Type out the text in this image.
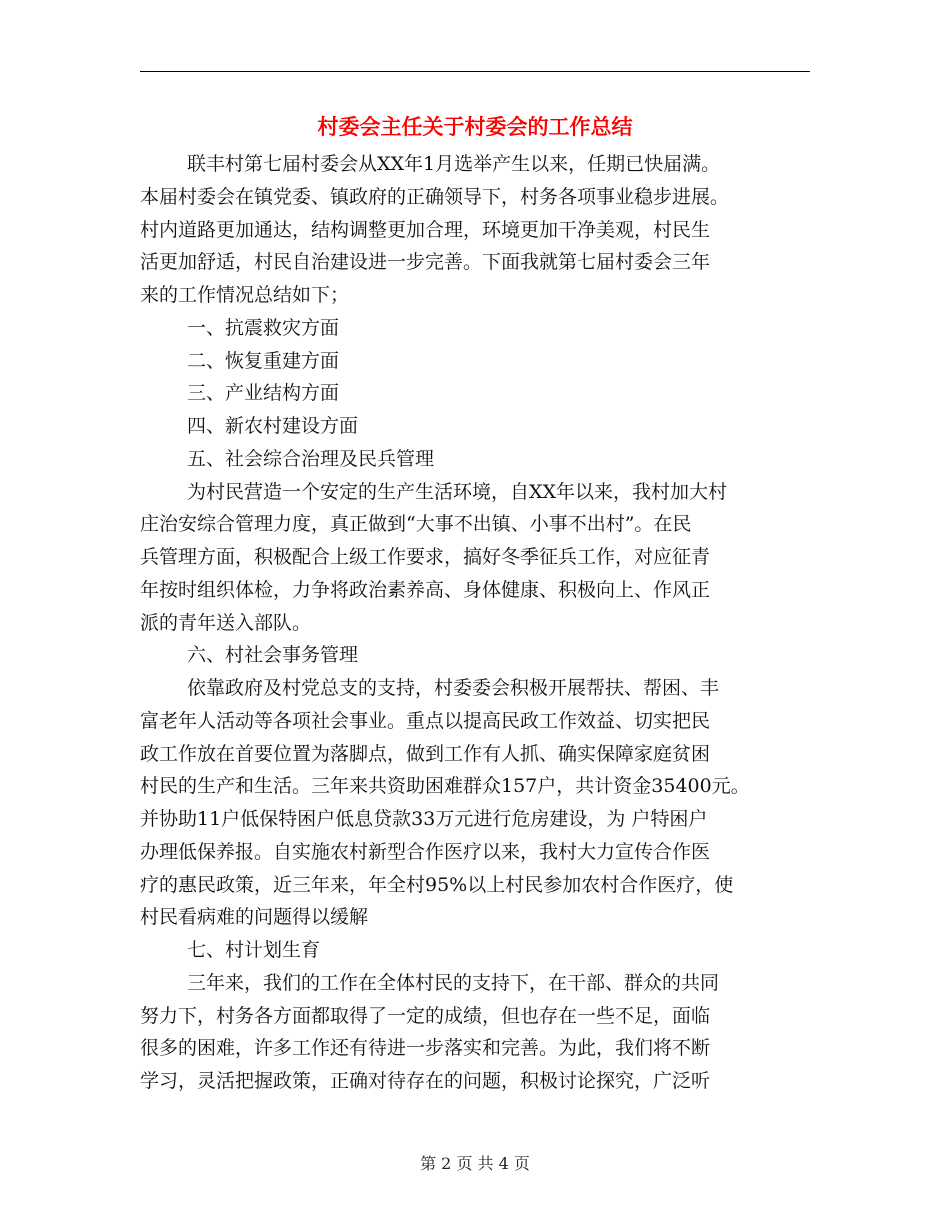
村委会主任关于村委会的工作总结
联丰村第七届村委会从XX年1月选举产生以来，任期已快届满。
本届村委会在镇党委、镇政府的正确领导下，村务各项事业稳步进展。
村内道路更加通达，结构调整更加合理，环境更加干净美观，村民生
活更加舒适，村民自治建设进一步完善。下面我就第七届村委会三年
来的工作情况总结如下；
一、抗震救灾方面
二、恢复重建方面
三、产业结构方面
四、新农村建设方面
五、社会综合治理及民兵管理
为村民营造一个安定的生产生活环境，自XX年以来，我村加大村
庄治安综合管理力度，真正做到“大事不出镇、小事不出村”。在民
兵管理方面，积极配合上级工作要求，搞好冬季征兵工作，对应征青
年按时组织体检，力争将政治素养高、身体健康、积极向上、作风正
派的青年送入部队。
六、村社会事务管理
依靠政府及村党总支的支持，村委委会积极开展帮扶、帮困、丰
富老年人活动等各项社会事业。重点以提高民政工作效益、切实把民
政工作放在首要位置为落脚点，做到工作有人抓、确实保障家庭贫困
村民的生产和生活。三年来共资助困难群众157户，共计资金35400元。
并协助11户低保特困户低息贷款33万元进行危房建设，为 户特困户
办理低保养报。自实施农村新型合作医疗以来，我村大力宣传合作医
疗的惠民政策，近三年来，年全村95%以上村民参加农村合作医疗，使
村民看病难的问题得以缓解
七、村计划生育
三年来，我们的工作在全体村民的支持下，在干部、群众的共同
努力下，村务各方面都取得了一定的成绩，但也存在一些不足，面临
很多的困难，许多工作还有待进一步落实和完善。为此，我们将不断
学习，灵活把握政策，正确对待存在的问题，积极讨论探究，广泛听
第 2 页 共 4 页
